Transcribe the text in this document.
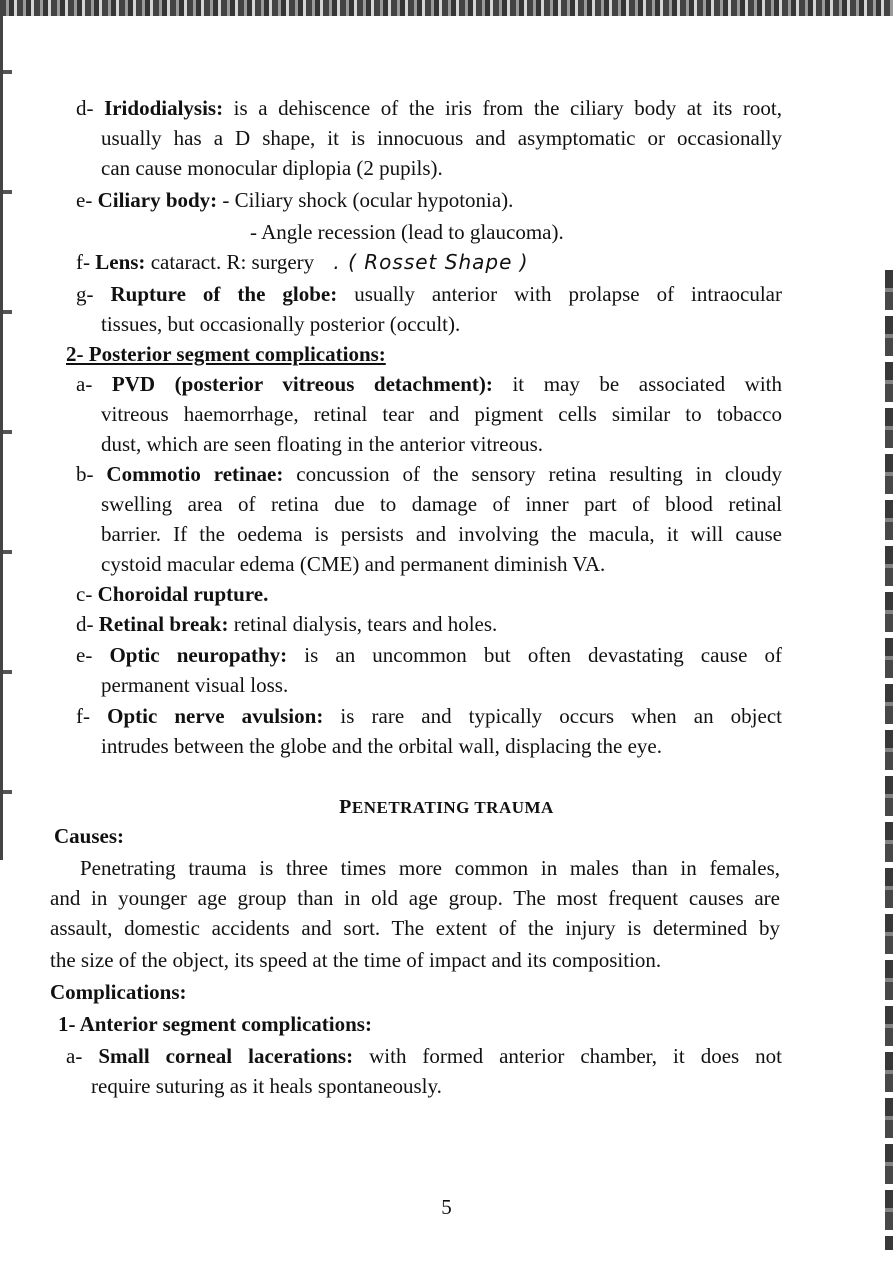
d- Iridodialysis: is a dehiscence of the iris from the ciliary body at its root,
usually has a D shape, it is innocuous and asymptomatic or occasionally
can cause monocular diplopia (2 pupils).
e- Ciliary body: - Ciliary shock (ocular hypotonia).
- Angle recession (lead to glaucoma).
f- Lens: cataract. R: surgery . ( Rosset Shape )
g- Rupture of the globe: usually anterior with prolapse of intraocular
tissues, but occasionally posterior (occult).
2- Posterior segment complications:
a- PVD (posterior vitreous detachment): it may be associated with
vitreous haemorrhage, retinal tear and pigment cells similar to tobacco
dust, which are seen floating in the anterior vitreous.
b- Commotio retinae: concussion of the sensory retina resulting in cloudy
swelling area of retina due to damage of inner part of blood retinal
barrier. If the oedema is persists and involving the macula, it will cause
cystoid macular edema (CME) and permanent diminish VA.
c- Choroidal rupture.
d- Retinal break: retinal dialysis, tears and holes.
e- Optic neuropathy: is an uncommon but often devastating cause of
permanent visual loss.
f- Optic nerve avulsion: is rare and typically occurs when an object
intrudes between the globe and the orbital wall, displacing the eye.
PENETRATING TRAUMA
Causes:
Penetrating trauma is three times more common in males than in females,
and in younger age group than in old age group. The most frequent causes are
assault, domestic accidents and sort. The extent of the injury is determined by
the size of the object, its speed at the time of impact and its composition.
Complications:
1- Anterior segment complications:
a- Small corneal lacerations: with formed anterior chamber, it does not
require suturing as it heals spontaneously.
5
